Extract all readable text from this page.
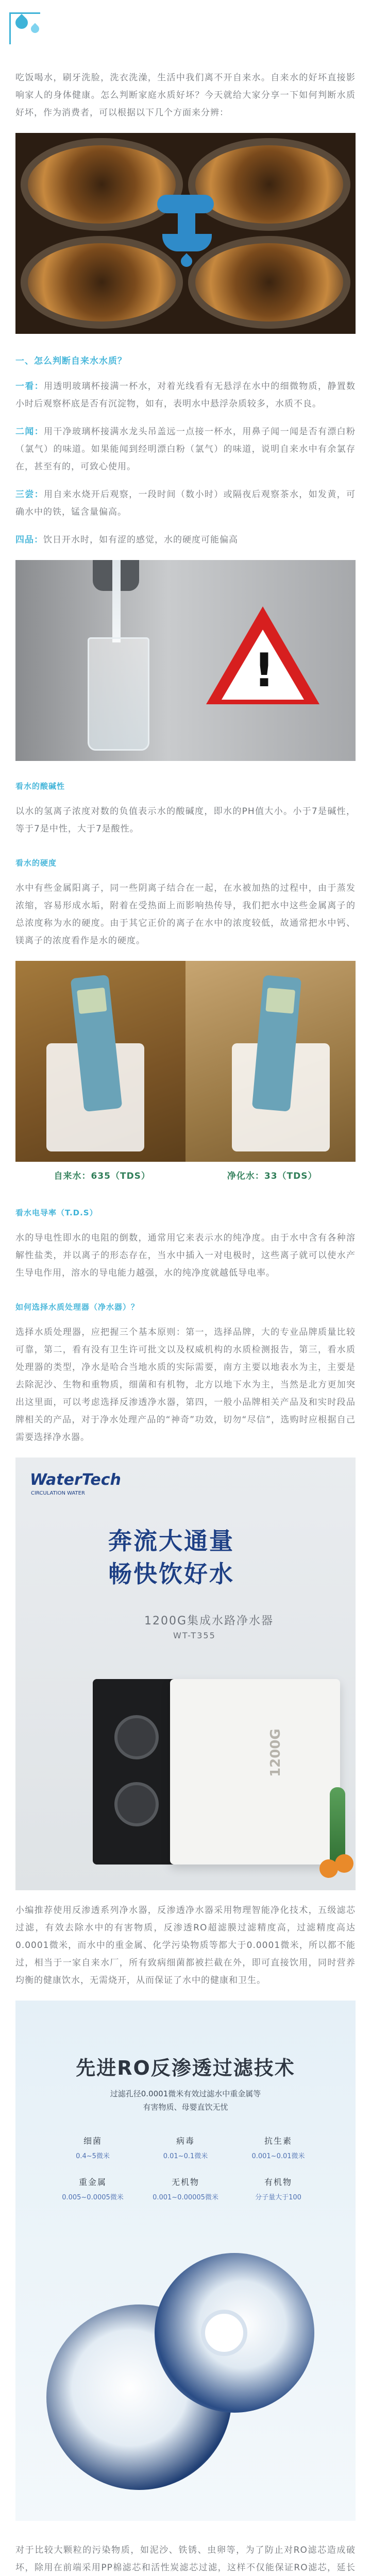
吃饭喝水，刷牙洗脸，洗衣洗澡，生活中我们离不开自来水。自来水的好坏直接影响家人的身体健康。怎么判断家庭水质好坏？今天就给大家分享一下如何判断水质好坏，作为消费者，可以根据以下几个方面来分辨：

一、怎么判断自来水水质？

一看：用透明玻璃杯接满一杯水，对着光线看有无悬浮在水中的细微物质，静置数小时后观察杯底是否有沉淀物，如有，表明水中悬浮杂质较多，水质不良。

二闻：用干净玻璃杯接满水龙头吊盖远一点接一杯水，用鼻子闻一闻是否有漂白粉（氯气）的味道。如果能闻到经明漂白粉（氯气）的味道，说明自来水中有余氯存在，甚至有的，可致心使用。

三尝：用自来水烧开后观察，一段时间（数小时）或隔夜后观察茶水，如发黄，可确水中的铁，锰含量偏高。

四品：饮日开水时，如有涩的感觉，水的硬度可能偏高

!
看水的酸碱性

以水的氢离子浓度对数的负值表示水的酸碱度，即水的PH值大小。小于7是碱性，等于7是中性，大于7是酸性。

看水的硬度

水中有些金属阳离子，同一些阴离子结合在一起，在水被加热的过程中，由于蒸发浓缩，容易形成水垢，附着在受热面上而影响热传导，我们把水中这些金属离子的总浓度称为水的硬度。由于其它正价的离子在水中的浓度较低，故通常把水中钙、镁离子的浓度看作是水的硬度。

自来水：635（TDS）	净化水：33（TDS）
看水电导率（T.D.S）

水的导电性即水的电阻的倒数，通常用它来表示水的纯净度。由于水中含有各种溶解性盐类，并以离子的形态存在，当水中插入一对电极时，这些离子就可以使水产生导电作用，溶水的导电能力越强，水的纯净度就越低导电率。

如何选择水质处理器（净水器）？

选择水质处理器，应把握三个基本原则：第一，选择品牌，大的专业品牌质量比较可靠，第二，看有没有卫生许可批文以及权威机构的水质检测报告，第三，看水质处理器的类型，净水是哈合当地水质的实际需要，南方主要以地表水为主，主要是去除泥沙、生物和重物质，细菌和有机物，北方以地下水为主，当然是北方更加突出这里面，可以考虑选择反渗透净水器，第四，一般小品牌相关产品及和实时段品牌相关的产品，对于净水处理产品的“神奇”功效，切勿“尽信”，选购时应根据自己需要选择净水器。

WaterTech
CIRCULATION WATER
奔流大通量
畅快饮好水
1200G集成水路净水器
WT-T355
1200G

小编推荐使用反渗透系列净水器，反渗透净水器采用物理智能净化技术，五级滤芯过滤，有效去除水中的有害物质，反渗透RO超滤膜过滤精度高，过滤精度高达0.0001微米，而水中的重金属、化学污染物质等都大于0.0001微米，所以都不能过，相当于一家自来水厂，所有致病细菌都被拦截在外，即可直接饮用，同时营养均衡的健康饮水，无需烧开，从而保证了水中的健康和卫生。

先进RO反渗透过滤技术
过滤孔径0.0001微米有效过滤水中重金属等
有害物质、母婴直饮无忧
细菌
0.4~5微米
病毒
0.01~0.1微米
抗生素
0.001~0.01微米
重金属
0.005~0.0005微米
无机物
0.001~0.00005微米
有机物
分子量大于100

对于比较大颗粒的污染物质，如泥沙、铁锈、虫卵等，为了防止对RO滤芯造成破坏，除用在前端采用PP棉滤芯和活性炭滤芯过滤，这样不仅能保证RO滤芯，延长
